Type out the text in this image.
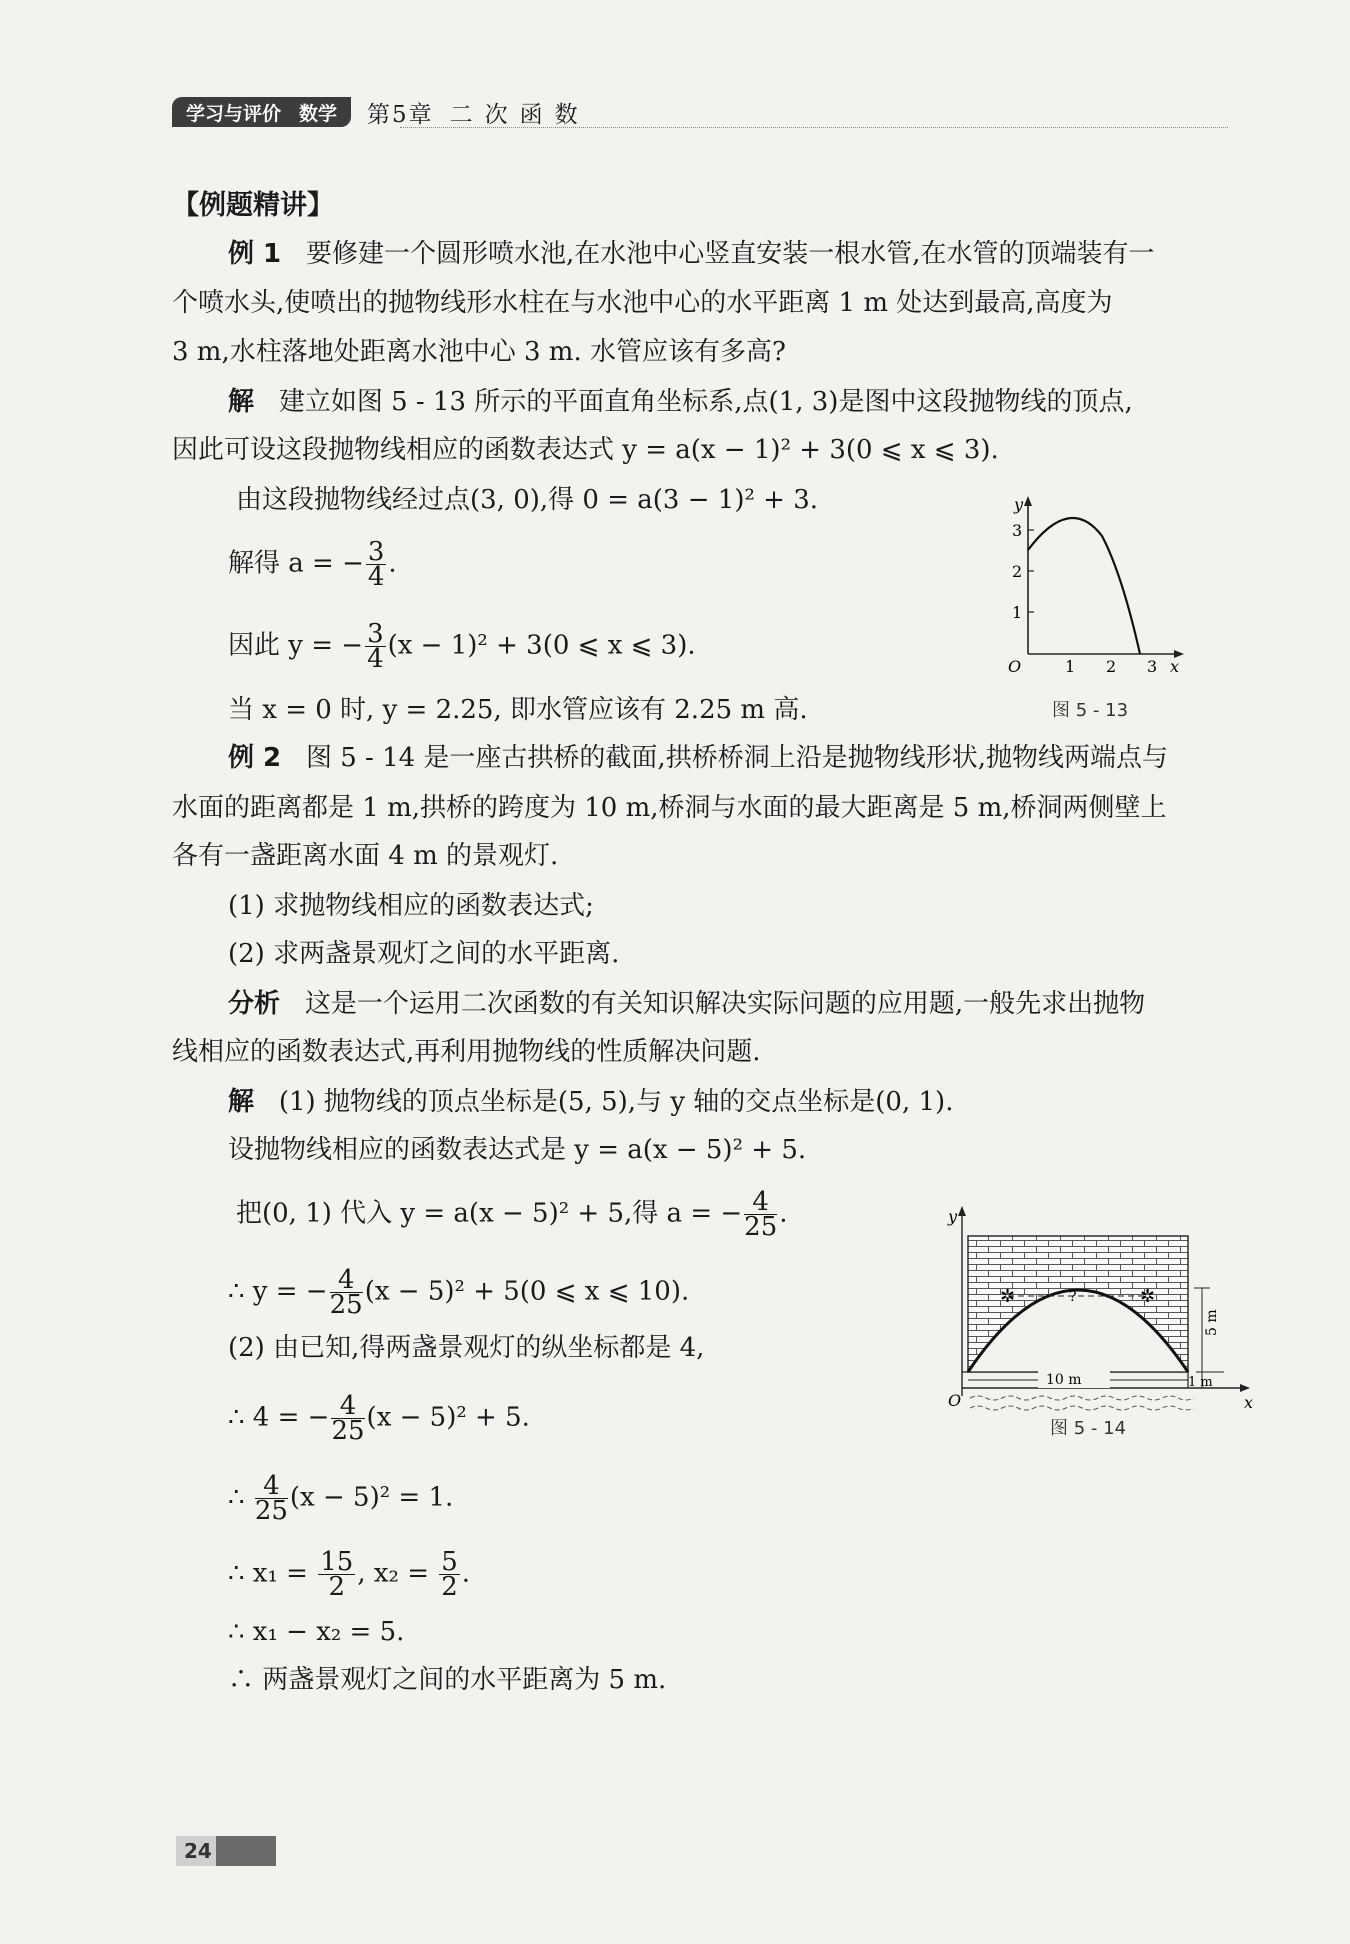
学习与评价 数学 第5章 二次函数
【例题精讲】
例 1 要修建一个圆形喷水池,在水池中心竖直安装一根水管,在水管的顶端装有一
个喷水头,使喷出的抛物线形水柱在与水池中心的水平距离 1 m 处达到最高,高度为
3 m,水柱落地处距离水池中心 3 m. 水管应该有多高?
解 建立如图 5 - 13 所示的平面直角坐标系,点(1, 3)是图中这段抛物线的顶点,
因此可设这段抛物线相应的函数表达式 y = a(x − 1)² + 3(0 ⩽ x ⩽ 3).
由这段抛物线经过点(3, 0),得 0 = a(3 − 1)² + 3.
解得 a = − $\frac{3}{4}$ .
因此 y = − $\frac{3}{4} (x - 1)^2 + 3(0$ ⩽ x ⩽ 3).
当 x = 0 时, y = 2.25, 即水管应该有 2.25 m 高.
y
x
O	1 2 3
1
2
3
图 5 - 13
例 2 图 5 - 14 是一座古拱桥的截面,拱桥桥洞上沿是抛物线形状,抛物线两端点与
水面的距离都是 1 m,拱桥的跨度为 10 m,桥洞与水面的最大距离是 5 m,桥洞两侧壁上
各有一盏距离水面 4 m 的景观灯.
(1) 求抛物线相应的函数表达式;
(2) 求两盏景观灯之间的水平距离.
分析 这是一个运用二次函数的有关知识解决实际问题的应用题,一般先求出抛物
线相应的函数表达式,再利用抛物线的性质解决问题.
解 (1) 抛物线的顶点坐标是(5, 5),与 y 轴的交点坐标是(0, 1).
设抛物线相应的函数表达式是 y = a(x − 5)² + 5.
把(0, 1) 代入 y = a(x − 5)² + 5,得 a = − $\frac{4}{25}$ .
∴ y = − $\frac{4}{25} (x - 5)^2 + 5(0$ ⩽ x ⩽ 10).
(2) 由已知,得两盏景观灯的纵坐标都是 4,
∴ 4 = − $\frac{4}{25} (x - 5)^2 + 5$.
∴ $\frac{4}{25} (x - 5)^2 = 1$.
∴ $x_1 = \frac{15}{2}$ , $x_2 = \frac{5}{2}$ .
∴ x₁ − x₂ = 5.
∴ 两盏景观灯之间的水平距离为 5 m.
10 m
?
✲	✲
5 m
1 m
y
x
O
图 5 - 14
24
